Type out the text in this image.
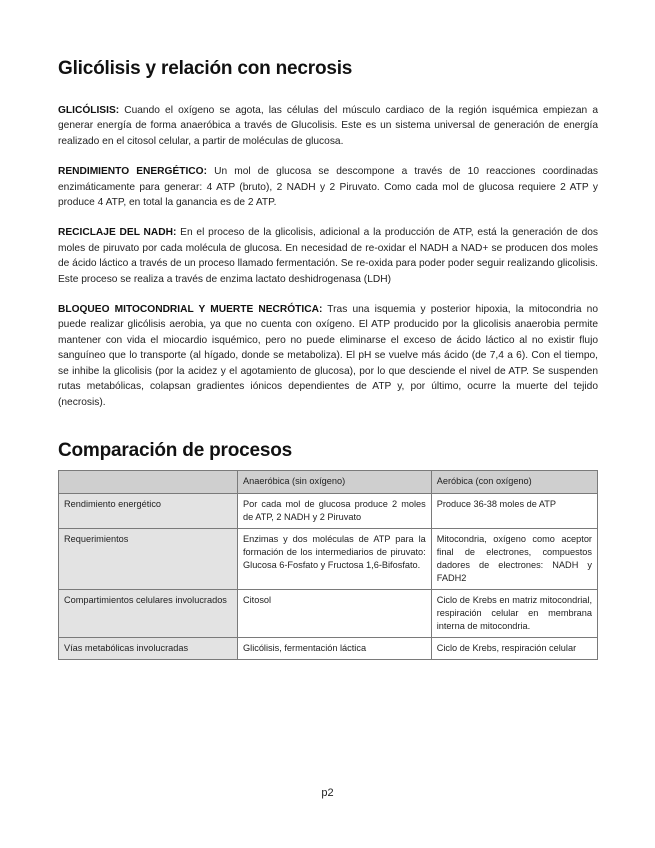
Glicólisis y relación con necrosis

GLICÓLISIS: Cuando el oxígeno se agota, las células del músculo cardiaco de la región isquémica empiezan a generar energía de forma anaeróbica a través de Glucolisis. Este es un sistema universal de generación de energía realizado en el citosol celular, a partir de moléculas de glucosa.

RENDIMIENTO ENERGÉTICO: Un mol de glucosa se descompone a través de 10 reacciones coordinadas enzimáticamente para generar: 4 ATP (bruto), 2 NADH y 2 Piruvato. Como cada mol de glucosa requiere 2 ATP y produce 4 ATP, en total la ganancia es de 2 ATP.

RECICLAJE DEL NADH: En el proceso de la glicolisis, adicional a la producción de ATP, está la generación de dos moles de piruvato por cada molécula de glucosa. En necesidad de re-oxidar el NADH a NAD+ se producen dos moles de ácido láctico a través de un proceso llamado fermentación. Se re-oxida para poder poder seguir realizando glicolisis. Este proceso se realiza a través de enzima lactato deshidrogenasa (LDH)

BLOQUEO MITOCONDRIAL Y MUERTE NECRÓTICA: Tras una isquemia y posterior hipoxia, la mitocondria no puede realizar glicólisis aerobia, ya que no cuenta con oxígeno. El ATP producido por la glicolisis anaerobia permite mantener con vida el miocardio isquémico, pero no puede eliminarse el exceso de ácido láctico al no existir flujo sanguíneo que lo transporte (al hígado, donde se metaboliza). El pH se vuelve más ácido (de 7,4 a 6). Con el tiempo, se inhibe la glicolisis (por la acidez y el agotamiento de glucosa), por lo que desciende el nivel de ATP. Se suspenden rutas metabólicas, colapsan gradientes iónicos dependientes de ATP y, por último, ocurre la muerte del tejido (necrosis).

Comparación de procesos
	Anaeróbica (sin oxígeno)	Aeróbica (con oxígeno)
Rendimiento energético	Por cada mol de glucosa produce 2 moles de ATP, 2 NADH y 2 Piruvato	Produce 36-38 moles de ATP
Requerimientos	Enzimas y dos moléculas de ATP para la formación de los intermediarios de piruvato: Glucosa 6-Fosfato y Fructosa 1,6-Bifosfato.	Mitocondria, oxígeno como aceptor final de electrones, compuestos dadores de electrones: NADH y FADH2
Compartimientos celulares involucrados	Citosol	Ciclo de Krebs en matriz mitocondrial, respiración celular en membrana interna de mitocondria.
Vías metabólicas involucradas	Glicólisis, fermentación láctica	Ciclo de Krebs, respiración celular
p2
